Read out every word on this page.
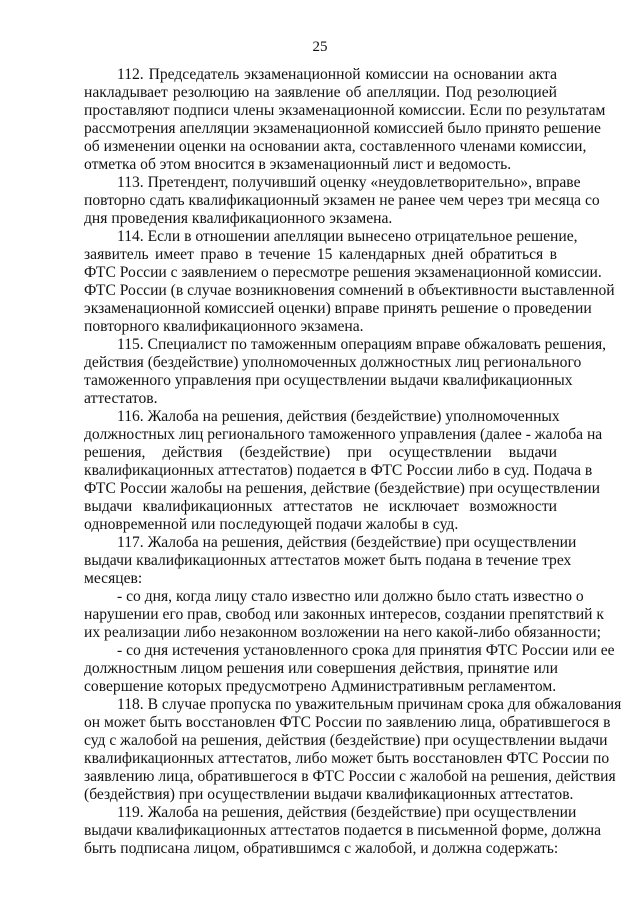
25
112. Председатель экзаменационной комиссии на основании акта
накладывает резолюцию на заявление об апелляции. Под резолюцией
проставляют подписи члены экзаменационной комиссии. Если по результатам
рассмотрения апелляции экзаменационной комиссией было принято решение
об изменении оценки на основании акта, составленного членами комиссии,
отметка об этом вносится в экзаменационный лист и ведомость.
113. Претендент, получивший оценку «неудовлетворительно», вправе
повторно сдать квалификационный экзамен не ранее чем через три месяца со
дня проведения квалификационного экзамена.
114. Если в отношении апелляции вынесено отрицательное решение,
заявитель имеет право в течение 15 календарных дней обратиться в
ФТС России с заявлением о пересмотре решения экзаменационной комиссии.
ФТС России (в случае возникновения сомнений в объективности выставленной
экзаменационной комиссией оценки) вправе принять решение о проведении
повторного квалификационного экзамена.
115. Специалист по таможенным операциям вправе обжаловать решения,
действия (бездействие) уполномоченных должностных лиц регионального
таможенного управления при осуществлении выдачи квалификационных
аттестатов.
116. Жалоба на решения, действия (бездействие) уполномоченных
должностных лиц регионального таможенного управления (далее - жалоба на
решения, действия (бездействие) при осуществлении выдачи
квалификационных аттестатов) подается в ФТС России либо в суд. Подача в
ФТС России жалобы на решения, действие (бездействие) при осуществлении
выдачи квалификационных аттестатов не исключает возможности
одновременной или последующей подачи жалобы в суд.
117. Жалоба на решения, действия (бездействие) при осуществлении
выдачи квалификационных аттестатов может быть подана в течение трех
месяцев:
- со дня, когда лицу стало известно или должно было стать известно о
нарушении его прав, свобод или законных интересов, создании препятствий к
их реализации либо незаконном возложении на него какой-либо обязанности;
- со дня истечения установленного срока для принятия ФТС России или ее
должностным лицом решения или совершения действия, принятие или
совершение которых предусмотрено Административным регламентом.
118. В случае пропуска по уважительным причинам срока для обжалования
он может быть восстановлен ФТС России по заявлению лица, обратившегося в
суд с жалобой на решения, действия (бездействие) при осуществлении выдачи
квалификационных аттестатов, либо может быть восстановлен ФТС России по
заявлению лица, обратившегося в ФТС России с жалобой на решения, действия
(бездействия) при осуществлении выдачи квалификационных аттестатов.
119. Жалоба на решения, действия (бездействие) при осуществлении
выдачи квалификационных аттестатов подается в письменной форме, должна
быть подписана лицом, обратившимся с жалобой, и должна содержать:
